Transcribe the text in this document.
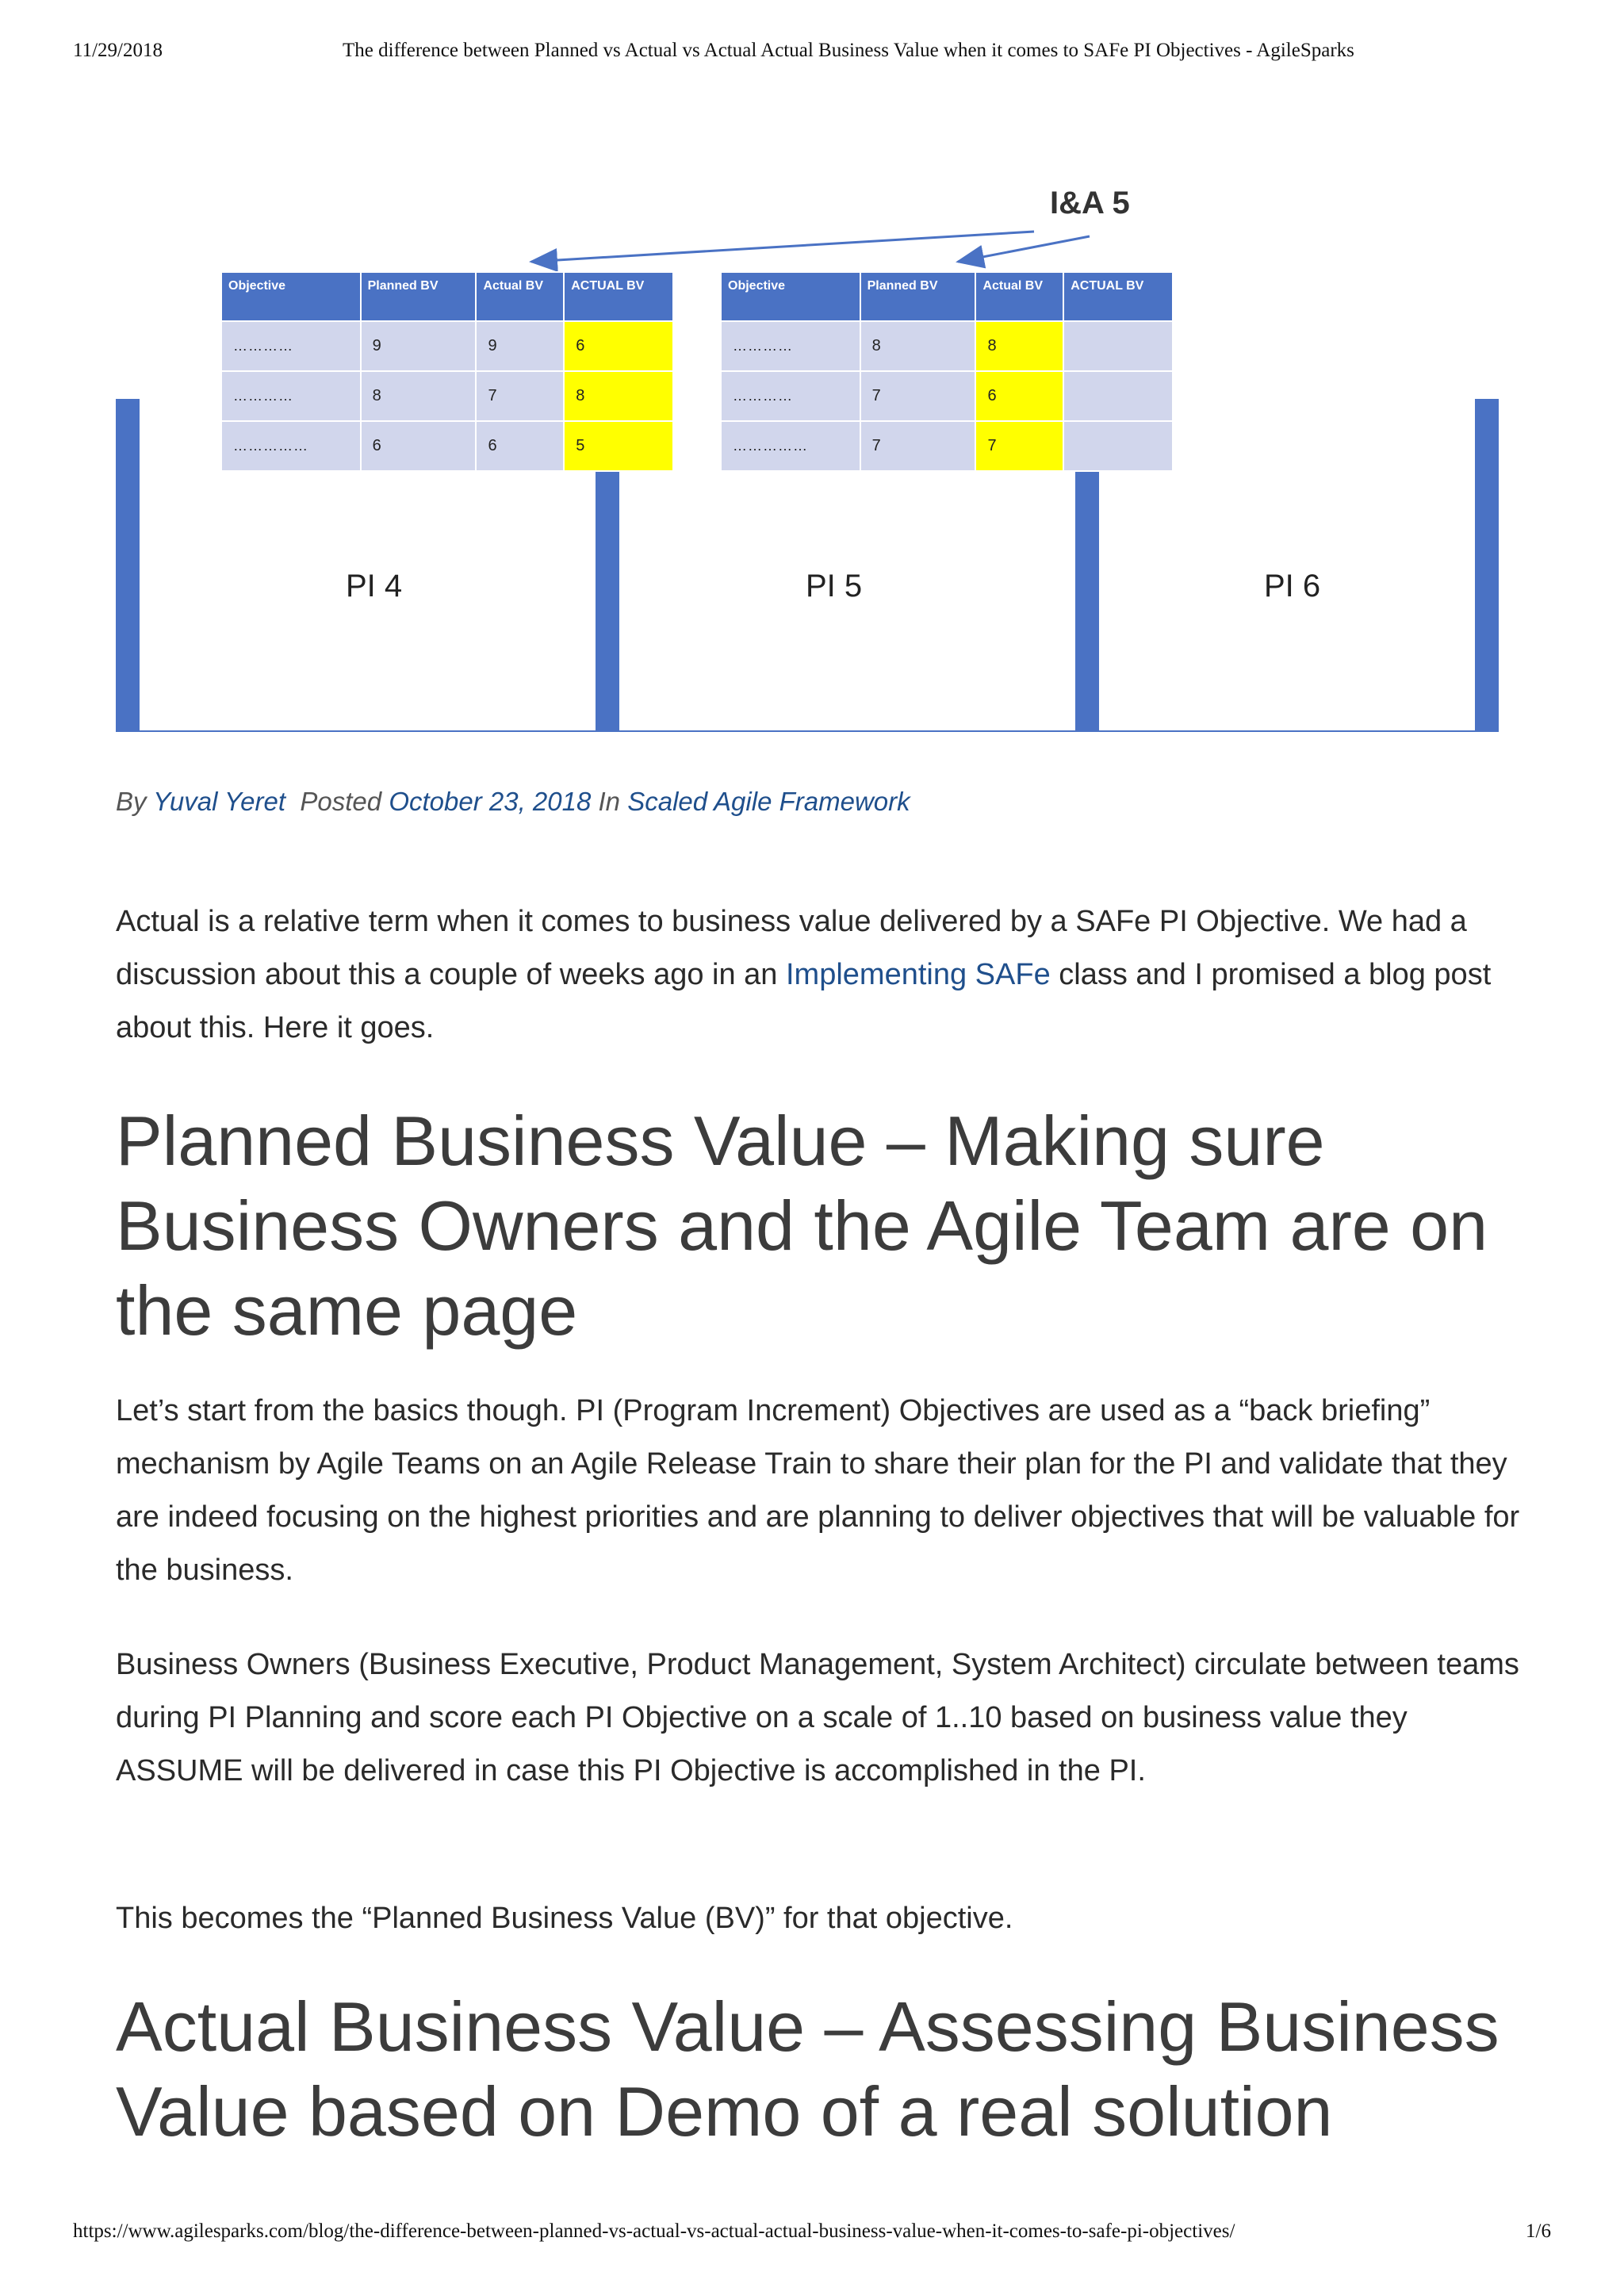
11/29/2018	The difference between Planned vs Actual vs Actual Actual Business Value when it comes to SAFe PI Objectives - AgileSparks
I&A 5
PI 4	PI 5	PI 6
Objective	Planned BV	Actual BV	ACTUAL BV
…………	9	9	6
…………	8	7	8
……………	6	6	5
Objective	Planned BV	Actual BV	ACTUAL BV
…………	8	8	
…………	7	6	
……………	7	7	
By Yuval Yeret Posted October 23, 2018 In Scaled Agile Framework

Actual is a relative term when it comes to business value delivered by a SAFe PI Objective. We had a discussion about this a couple of weeks ago in an Implementing SAFe class and I promised a blog post about this. Here it goes.

Planned Business Value – Making sure Business Owners and the Agile Team are on the same page

Let’s start from the basics though. PI (Program Increment) Objectives are used as a “back briefing” mechanism by Agile Teams on an Agile Release Train to share their plan for the PI and validate that they are indeed focusing on the highest priorities and are planning to deliver objectives that will be valuable for the business.

Business Owners (Business Executive, Product Management, System Architect) circulate between teams during PI Planning and score each PI Objective on a scale of 1..10 based on business value they ASSUME will be delivered in case this PI Objective is accomplished in the PI.

This becomes the “Planned Business Value (BV)” for that objective.

Actual Business Value – Assessing Business Value based on Demo of a real solution
https://www.agilesparks.com/blog/the-difference-between-planned-vs-actual-vs-actual-actual-business-value-when-it-comes-to-safe-pi-objectives/	1/6
